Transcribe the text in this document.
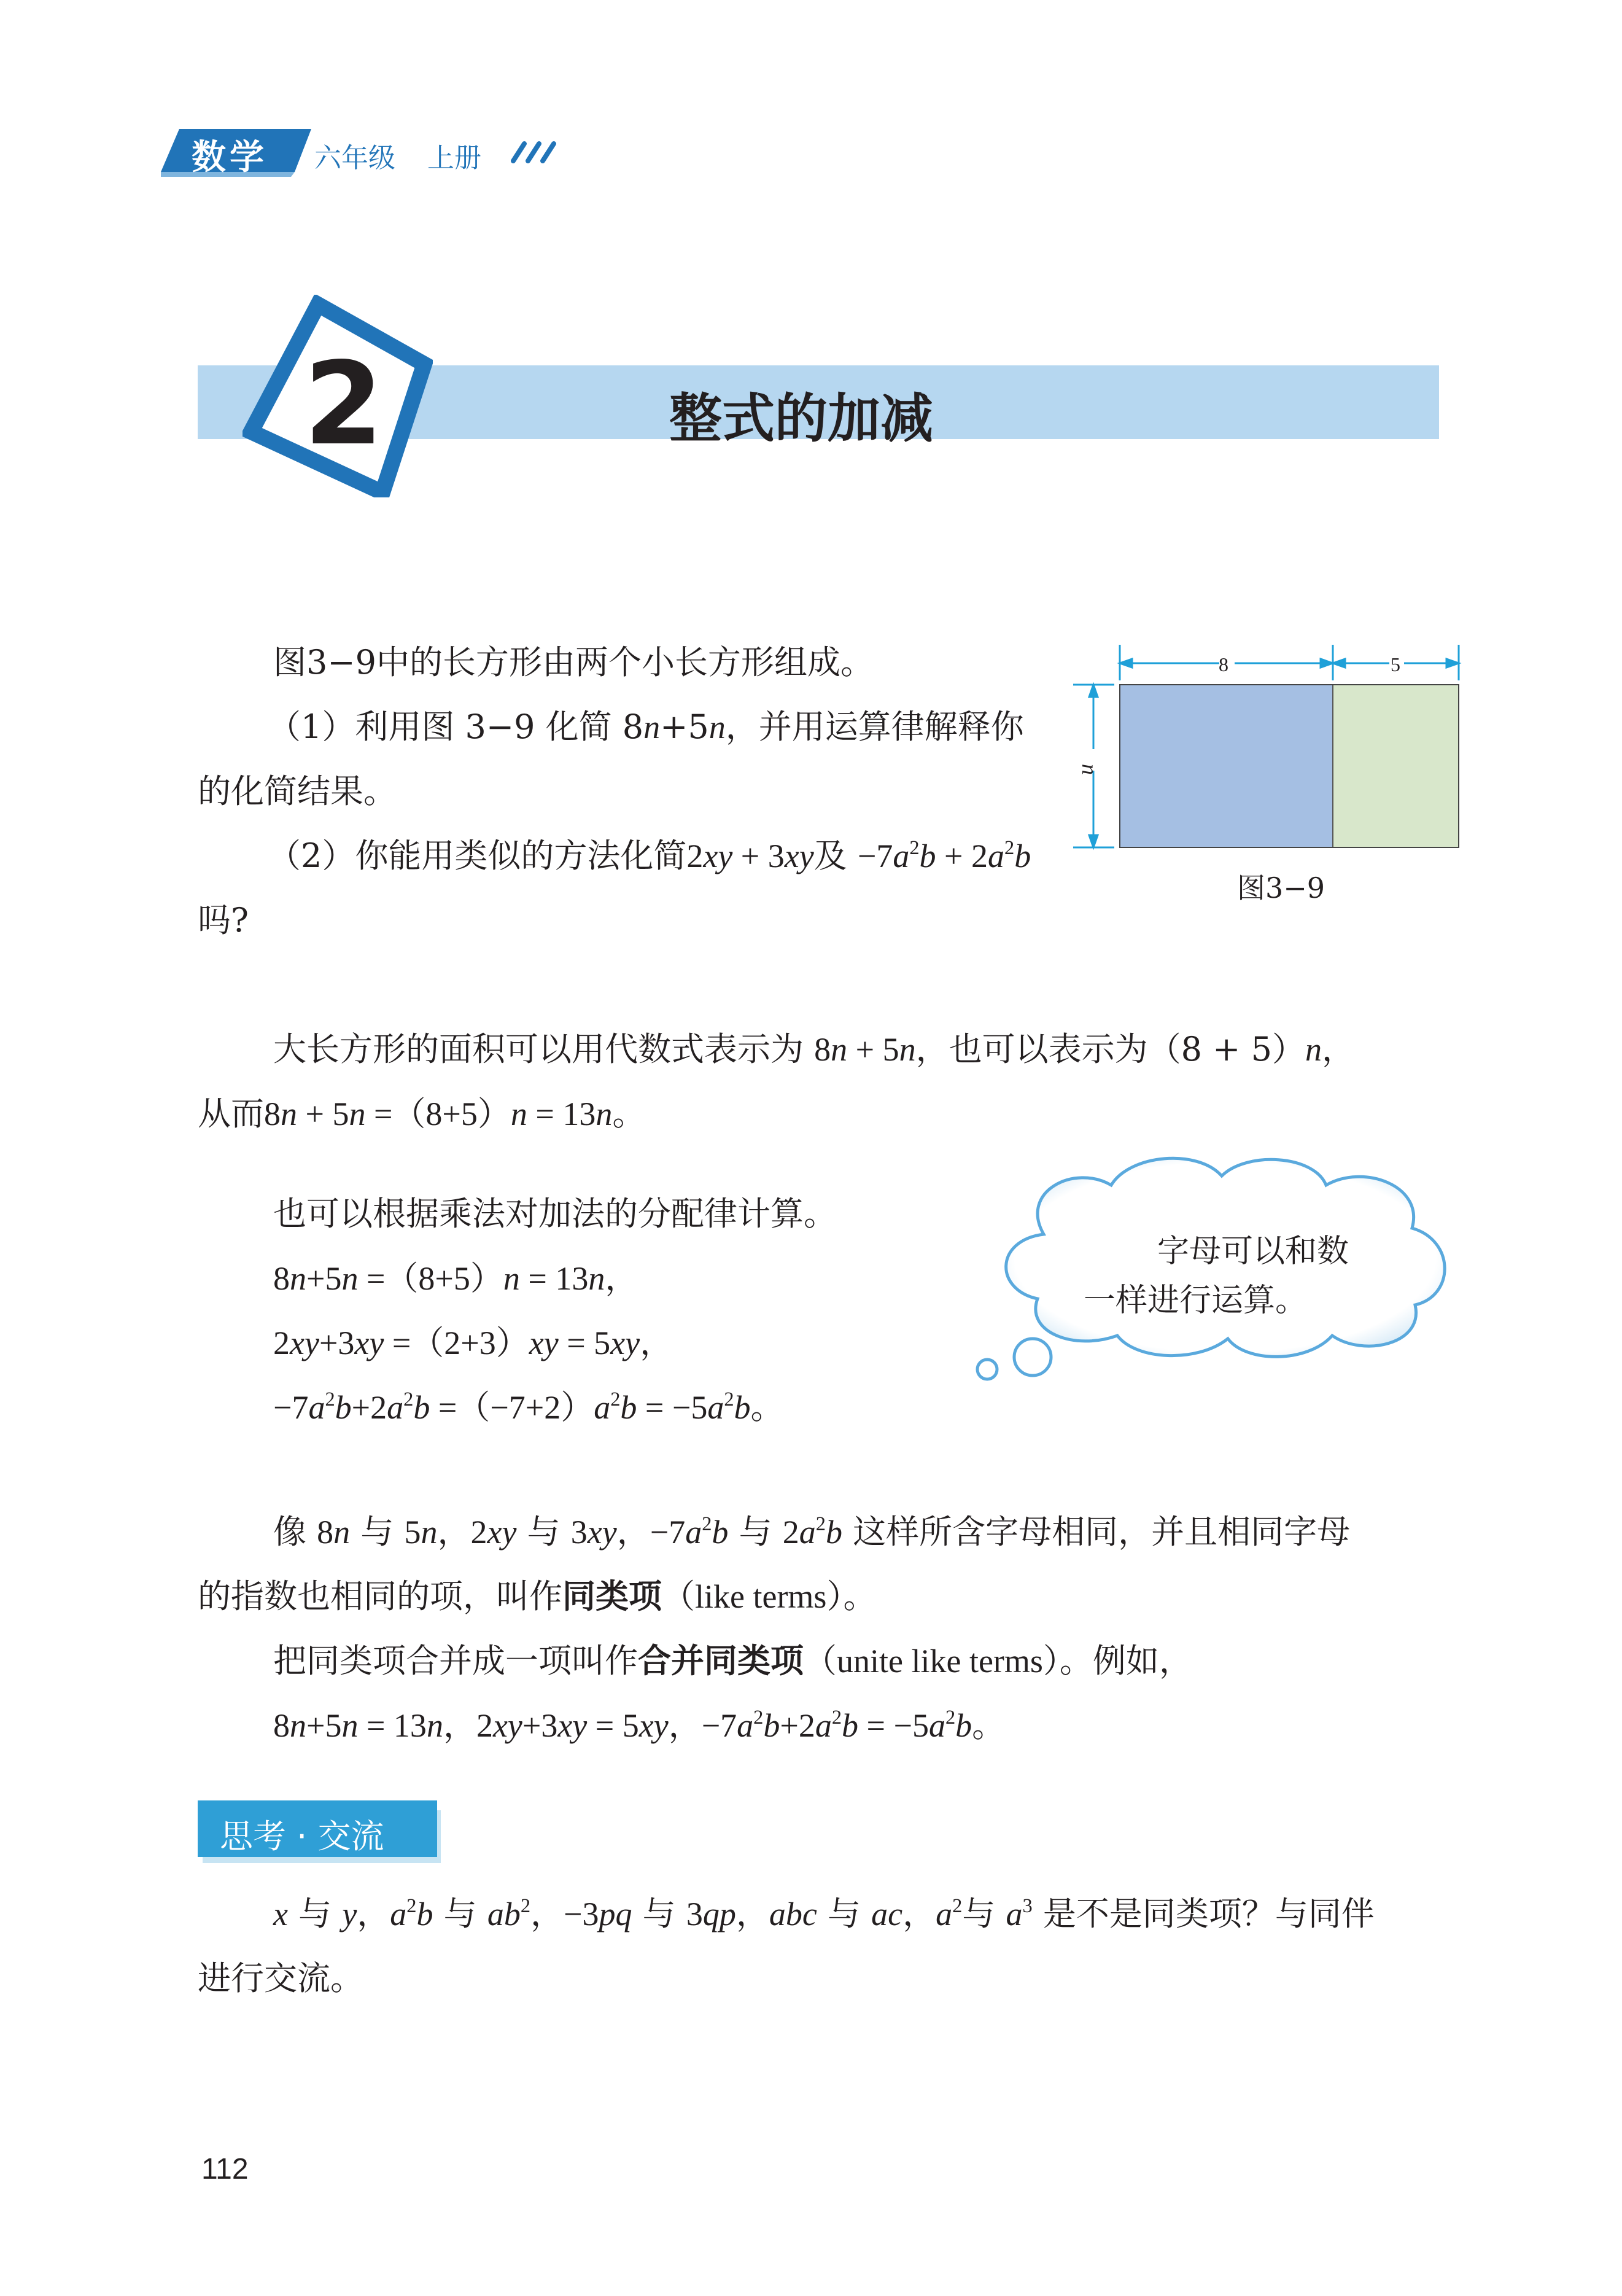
数学 六年级 上册
2	整式的加减
图3−9中的长方形由两个小长方形组成。
（1）利用图 3−9 化简 8n+5n，并用运算律解释你
的化简结果。
（2）你能用类似的方法化简2xy + 3xy及 $-7a^2b + 2a^2b$
吗?
8	5
n
图3−9
大长方形的面积可以用代数式表示为 8n + 5n，也可以表示为（8 + 5）n，
从而8n + 5n =（8+5）n = 13n。
也可以根据乘法对加法的分配律计算。
8n+5n =（8+5）n = 13n，
2xy+3xy =（2+3）xy = 5xy，
$-7a^2b+2a^2b =(-7+2)a^2b = -5a^2b$。
字母可以和数
一样进行运算。
像 8n 与 5n，2xy 与 3xy，$-7a^2b$ 与 $2a^2b$ 这样所含字母相同，并且相同字母
的指数也相同的项，叫作同类项（like terms）。
把同类项合并成一项叫作合并同类项（unite like terms）。例如，
8n+5n = 13n，2xy+3xy = 5xy，$-7a^2b+2a^2b = -5a^2b$。
思考 · 交流
x 与 y，$a^2b$ 与 $ab^2$，−3pq 与 3qp，abc 与 ac，$a^2$与 $a^3$ 是不是同类项？与同伴
进行交流。
112
